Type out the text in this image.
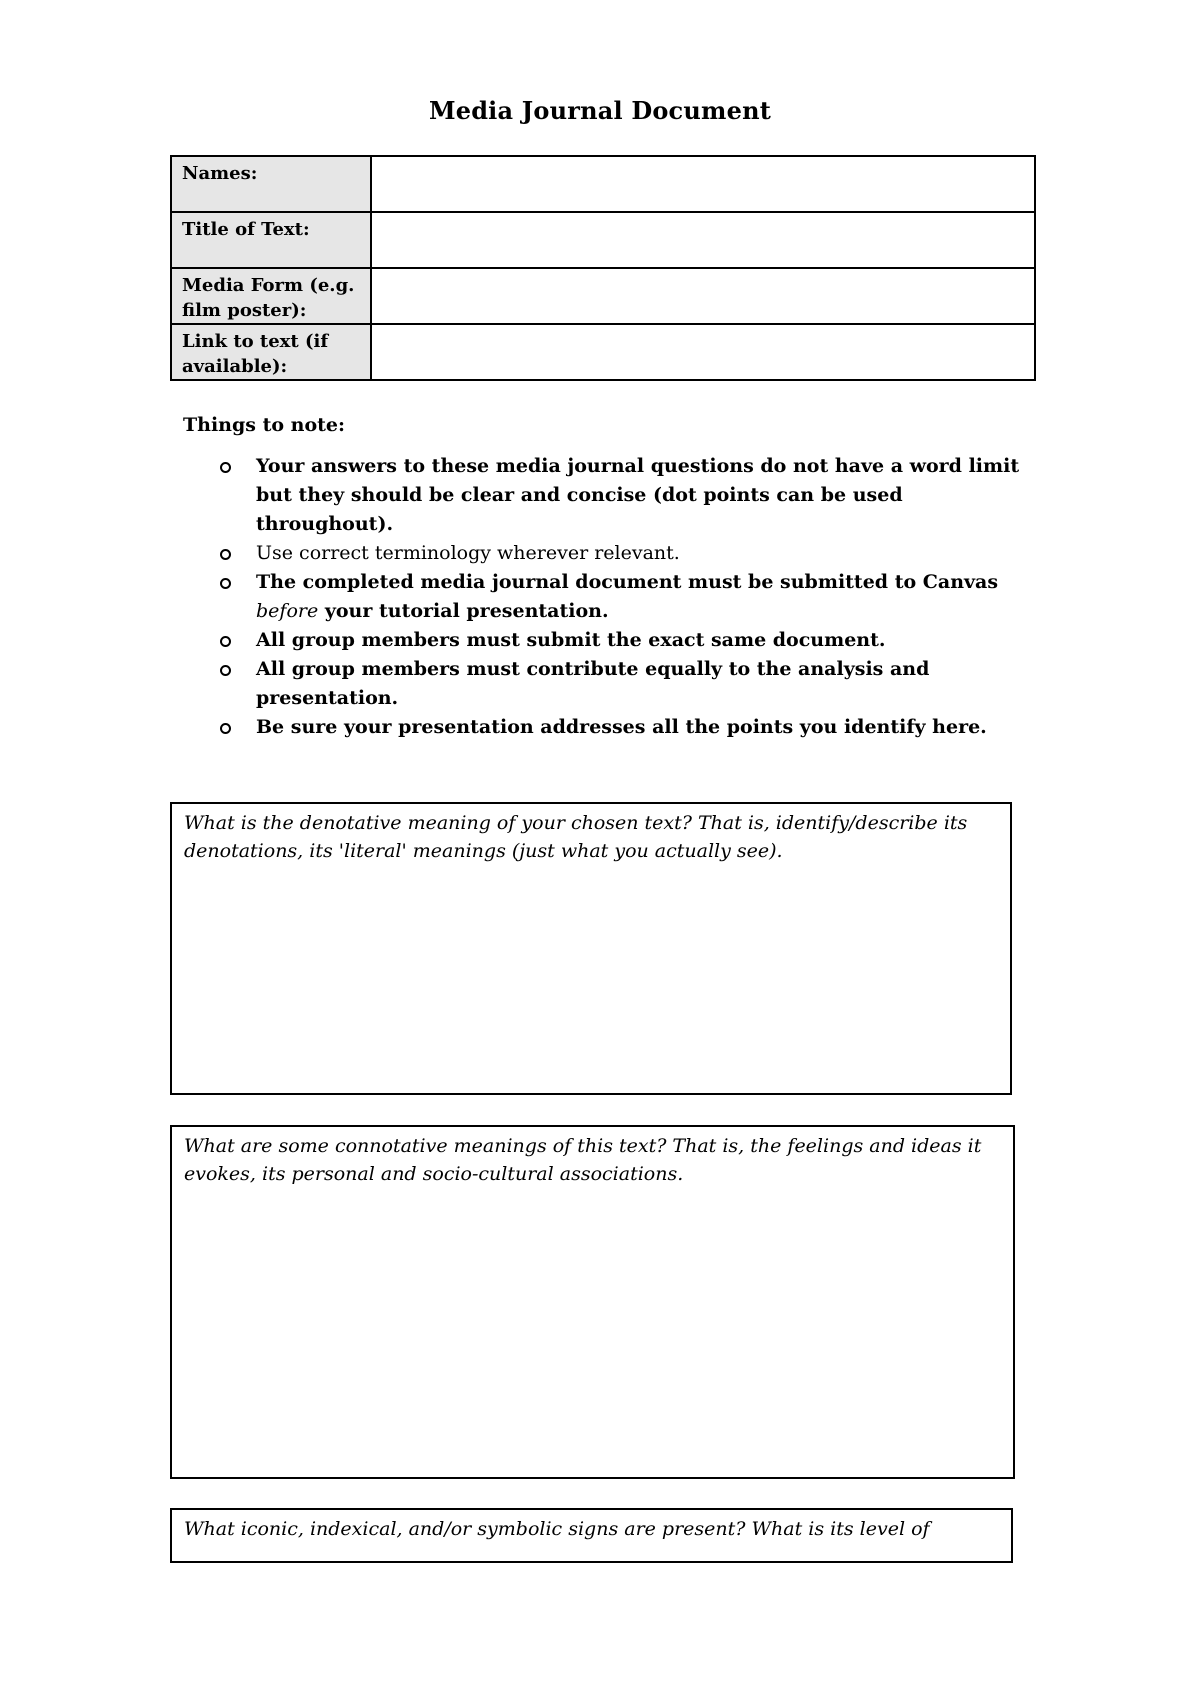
Media Journal Document
Names:	
Title of Text:	
Media Form (e.g. film poster):	
Link to text (if available):	
Things to note:
Your answers to these media journal questions do not have a word limit but they should be clear and concise (dot points can be used throughout).
Use correct terminology wherever relevant.
The completed media journal document must be submitted to Canvas before your tutorial presentation.
All group members must submit the exact same document.
All group members must contribute equally to the analysis and presentation.
Be sure your presentation addresses all the points you identify here.
What is the denotative meaning of your chosen text? That is, identify/describe its denotations, its 'literal' meanings (just what you actually see).
What are some connotative meanings of this text? That is, the feelings and ideas it evokes, its personal and socio-cultural associations.
What iconic, indexical, and/or symbolic signs are present? What is its level of
